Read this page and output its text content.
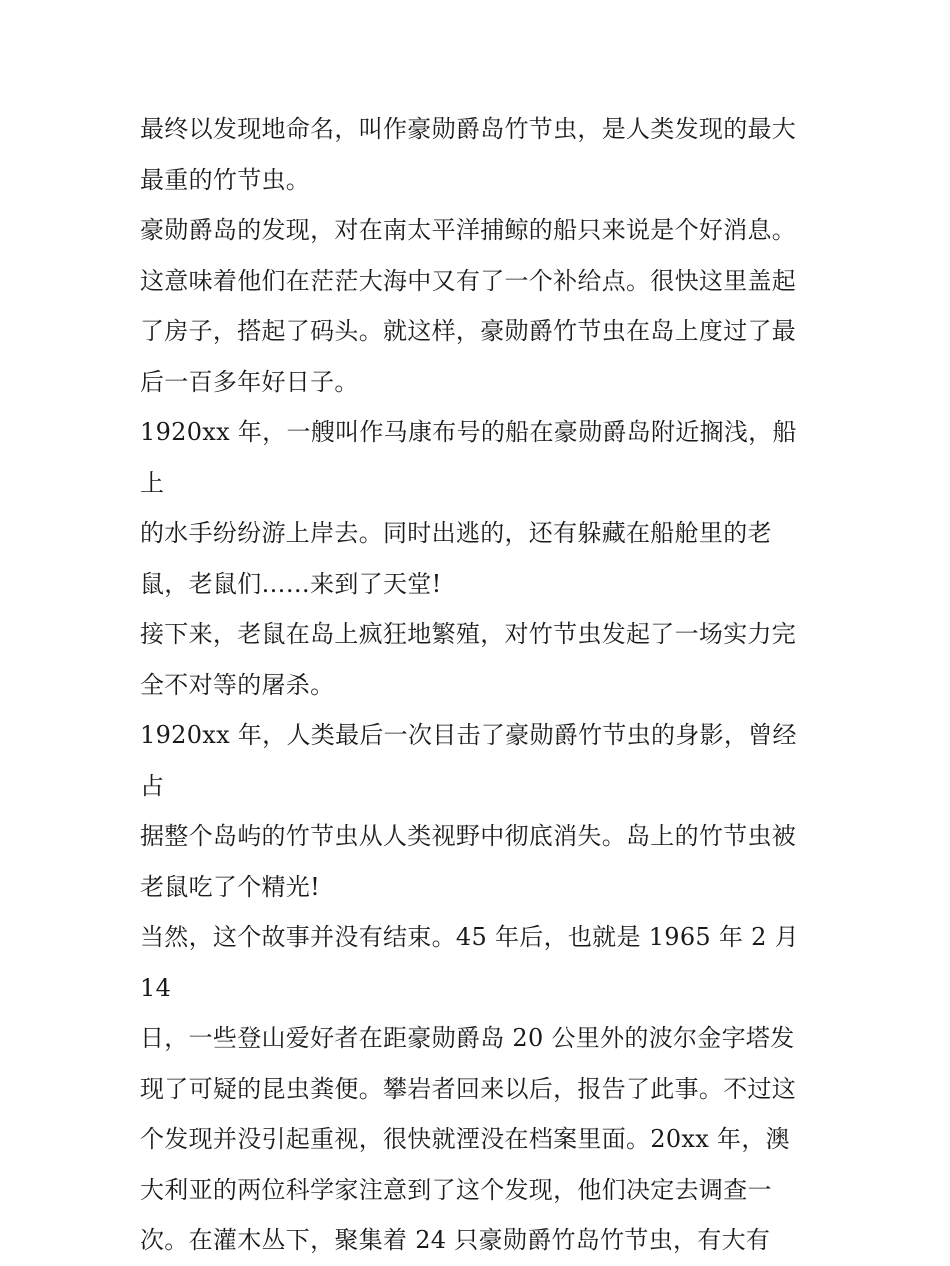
最终以发现地命名，叫作豪勋爵岛竹节虫，是人类发现的最大
最重的竹节虫。

豪勋爵岛的发现，对在南太平洋捕鲸的船只来说是个好消息。
这意味着他们在茫茫大海中又有了一个补给点。很快这里盖起
了房子，搭起了码头。就这样，豪勋爵竹节虫在岛上度过了最
后一百多年好日子。

1920xx 年，一艘叫作马康布号的船在豪勋爵岛附近搁浅，船上
的水手纷纷游上岸去。同时出逃的，还有躲藏在船舱里的老
鼠，老鼠们……来到了天堂!

接下来，老鼠在岛上疯狂地繁殖，对竹节虫发起了一场实力完
全不对等的屠杀。

1920xx 年，人类最后一次目击了豪勋爵竹节虫的身影，曾经占
据整个岛屿的竹节虫从人类视野中彻底消失。岛上的竹节虫被
老鼠吃了个精光!

当然，这个故事并没有结束。45 年后，也就是 1965 年 2 月 14
日，一些登山爱好者在距豪勋爵岛 20 公里外的波尔金字塔发
现了可疑的昆虫粪便。攀岩者回来以后，报告了此事。不过这
个发现并没引起重视，很快就湮没在档案里面。20xx 年，澳
大利亚的两位科学家注意到了这个发现，他们决定去调查一
次。在灌木丛下，聚集着 24 只豪勋爵竹岛竹节虫，有大有
